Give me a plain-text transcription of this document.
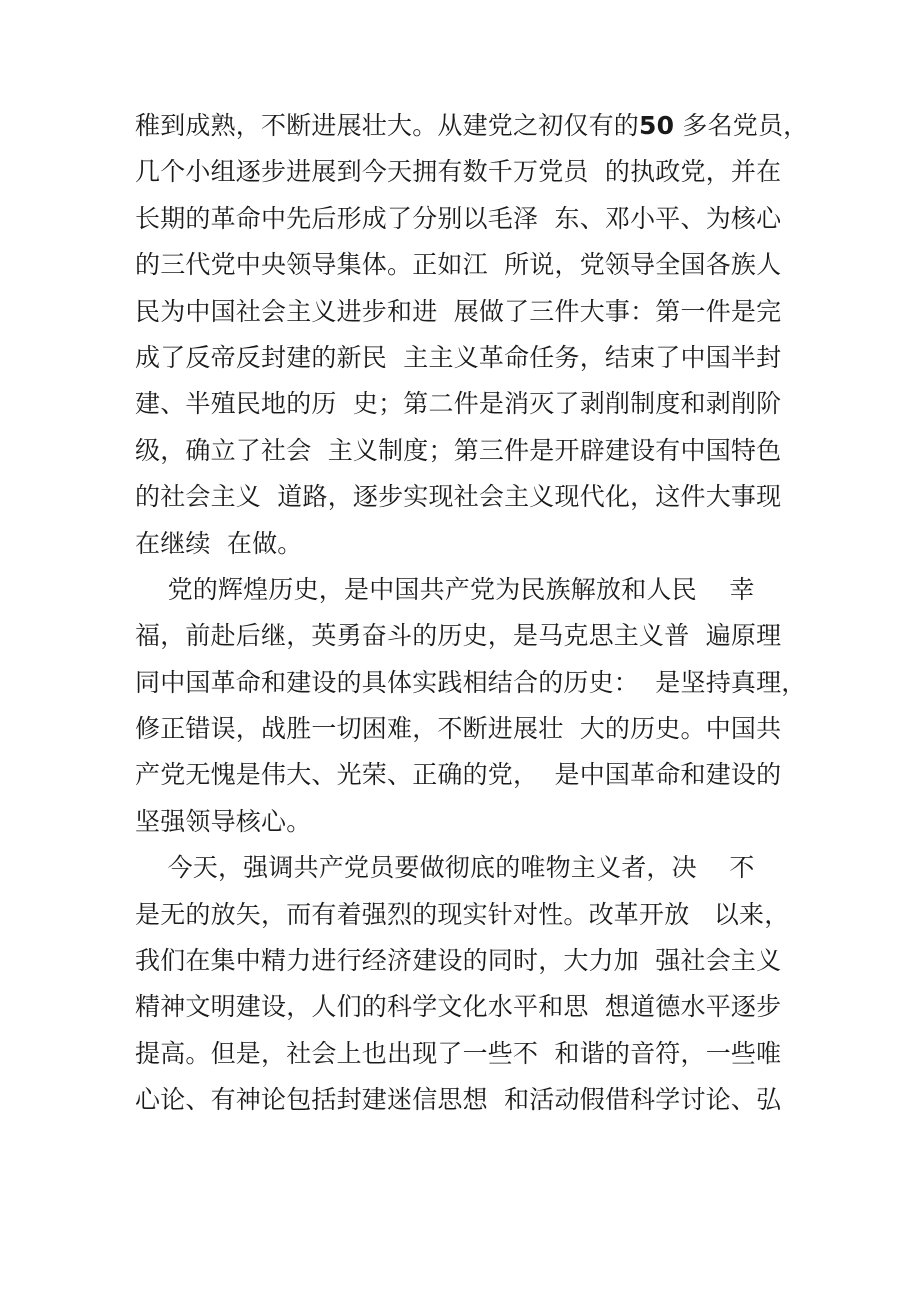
稚到成熟，不断进展壮大。从建党之初仅有的50 多名党员，
几个小组逐步进展到今天拥有数千万党员  的执政党，并在
长期的革命中先后形成了分别以毛泽  东、邓小平、为核心
的三代党中央领导集体。正如江  所说，党领导全国各族人
民为中国社会主义进步和进  展做了三件大事：第一件是完
成了反帝反封建的新民  主主义革命任务，结束了中国半封
建、半殖民地的历  史；第二件是消灭了剥削制度和剥削阶
级，确立了社会  主义制度；第三件是开辟建设有中国特色
的社会主义  道路，逐步实现社会主义现代化，这件大事现
在继续  在做。
党的辉煌历史，是中国共产党为民族解放和人民    幸
福，前赴后继，英勇奋斗的历史，是马克思主义普  遍原理
同中国革命和建设的具体实践相结合的历史：  是坚持真理，
修正错误，战胜一切困难，不断进展壮  大的历史。中国共
产党无愧是伟大、光荣、正确的党，  是中国革命和建设的
坚强领导核心。
今天，强调共产党员要做彻底的唯物主义者，决    不
是无的放矢，而有着强烈的现实针对性。改革开放   以来，
我们在集中精力进行经济建设的同时，大力加  强社会主义
精神文明建设，人们的科学文化水平和思  想道德水平逐步
提高。但是，社会上也出现了一些不  和谐的音符，一些唯
心论、有神论包括封建迷信思想  和活动假借科学讨论、弘
